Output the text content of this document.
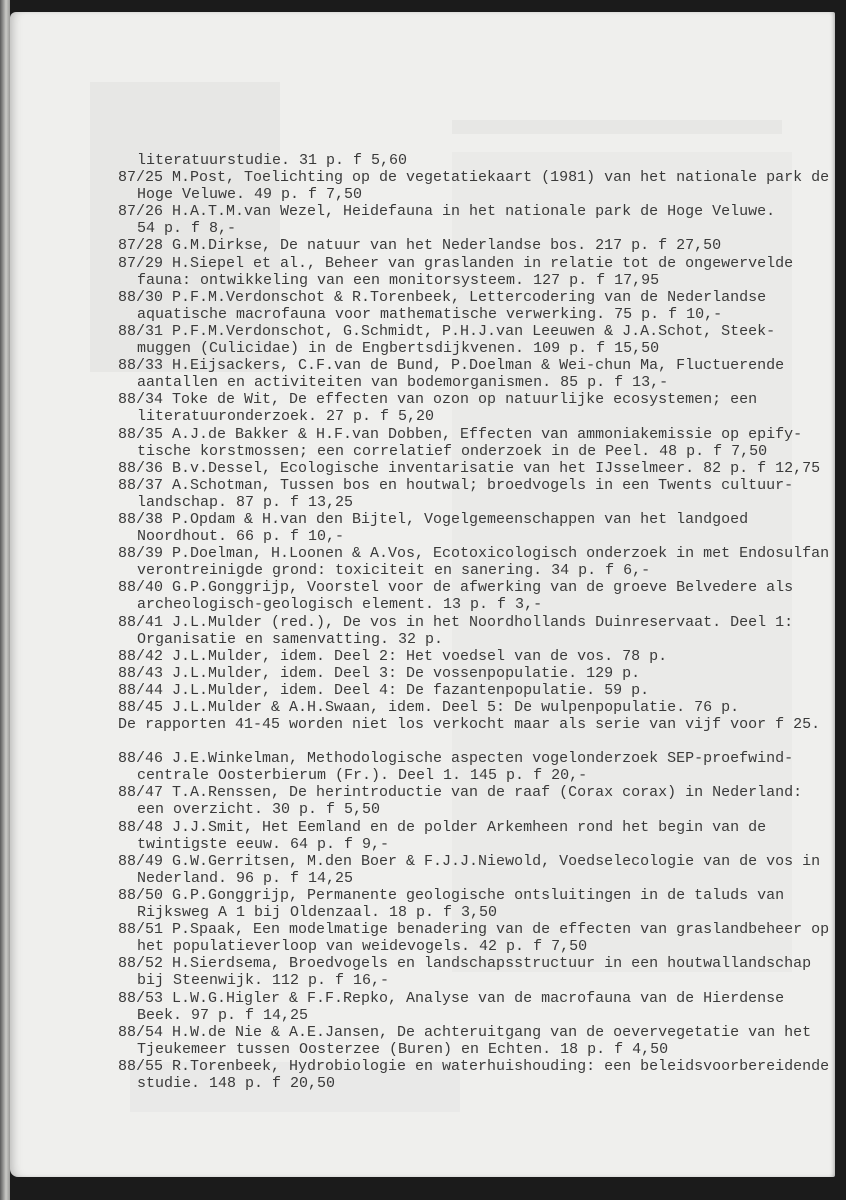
literatuurstudie. 31 p. f 5,60
87/25 M.Post, Toelichting op de vegetatiekaart (1981) van het nationale park de
Hoge Veluwe. 49 p. f 7,50
87/26 H.A.T.M.van Wezel, Heidefauna in het nationale park de Hoge Veluwe.
54 p. f 8,-
87/28 G.M.Dirkse, De natuur van het Nederlandse bos. 217 p. f 27,50
87/29 H.Siepel et al., Beheer van graslanden in relatie tot de ongewervelde
fauna: ontwikkeling van een monitorsysteem. 127 p. f 17,95
88/30 P.F.M.Verdonschot & R.Torenbeek, Lettercodering van de Nederlandse
aquatische macrofauna voor mathematische verwerking. 75 p. f 10,-
88/31 P.F.M.Verdonschot, G.Schmidt, P.H.J.van Leeuwen & J.A.Schot, Steek-
muggen (Culicidae) in de Engbertsdijkvenen. 109 p. f 15,50
88/33 H.Eijsackers, C.F.van de Bund, P.Doelman & Wei-chun Ma, Fluctuerende
aantallen en activiteiten van bodemorganismen. 85 p. f 13,-
88/34 Toke de Wit, De effecten van ozon op natuurlijke ecosystemen; een
literatuuronderzoek. 27 p. f 5,20
88/35 A.J.de Bakker & H.F.van Dobben, Effecten van ammoniakemissie op epify-
tische korstmossen; een correlatief onderzoek in de Peel. 48 p. f 7,50
88/36 B.v.Dessel, Ecologische inventarisatie van het IJsselmeer. 82 p. f 12,75
88/37 A.Schotman, Tussen bos en houtwal; broedvogels in een Twents cultuur-
landschap. 87 p. f 13,25
88/38 P.Opdam & H.van den Bijtel, Vogelgemeenschappen van het landgoed
Noordhout. 66 p. f 10,-
88/39 P.Doelman, H.Loonen & A.Vos, Ecotoxicologisch onderzoek in met Endosulfan
verontreinigde grond: toxiciteit en sanering. 34 p. f 6,-
88/40 G.P.Gonggrijp, Voorstel voor de afwerking van de groeve Belvedere als
archeologisch-geologisch element. 13 p. f 3,-
88/41 J.L.Mulder (red.), De vos in het Noordhollands Duinreservaat. Deel 1:
Organisatie en samenvatting. 32 p.
88/42 J.L.Mulder, idem. Deel 2: Het voedsel van de vos. 78 p.
88/43 J.L.Mulder, idem. Deel 3: De vossenpopulatie. 129 p.
88/44 J.L.Mulder, idem. Deel 4: De fazantenpopulatie. 59 p.
88/45 J.L.Mulder & A.H.Swaan, idem. Deel 5: De wulpenpopulatie. 76 p.
De rapporten 41-45 worden niet los verkocht maar als serie van vijf voor f 25.
88/46 J.E.Winkelman, Methodologische aspecten vogelonderzoek SEP-proefwind-
centrale Oosterbierum (Fr.). Deel 1. 145 p. f 20,-
88/47 T.A.Renssen, De herintroductie van de raaf (Corax corax) in Nederland:
een overzicht. 30 p. f 5,50
88/48 J.J.Smit, Het Eemland en de polder Arkemheen rond het begin van de
twintigste eeuw. 64 p. f 9,-
88/49 G.W.Gerritsen, M.den Boer & F.J.J.Niewold, Voedselecologie van de vos in
Nederland. 96 p. f 14,25
88/50 G.P.Gonggrijp, Permanente geologische ontsluitingen in de taluds van
Rijksweg A 1 bij Oldenzaal. 18 p. f 3,50
88/51 P.Spaak, Een modelmatige benadering van de effecten van graslandbeheer op
het populatieverloop van weidevogels. 42 p. f 7,50
88/52 H.Sierdsema, Broedvogels en landschapsstructuur in een houtwallandschap
bij Steenwijk. 112 p. f 16,-
88/53 L.W.G.Higler & F.F.Repko, Analyse van de macrofauna van de Hierdense
Beek. 97 p. f 14,25
88/54 H.W.de Nie & A.E.Jansen, De achteruitgang van de oevervegetatie van het
Tjeukemeer tussen Oosterzee (Buren) en Echten. 18 p. f 4,50
88/55 R.Torenbeek, Hydrobiologie en waterhuishouding: een beleidsvoorbereidende
studie. 148 p. f 20,50
